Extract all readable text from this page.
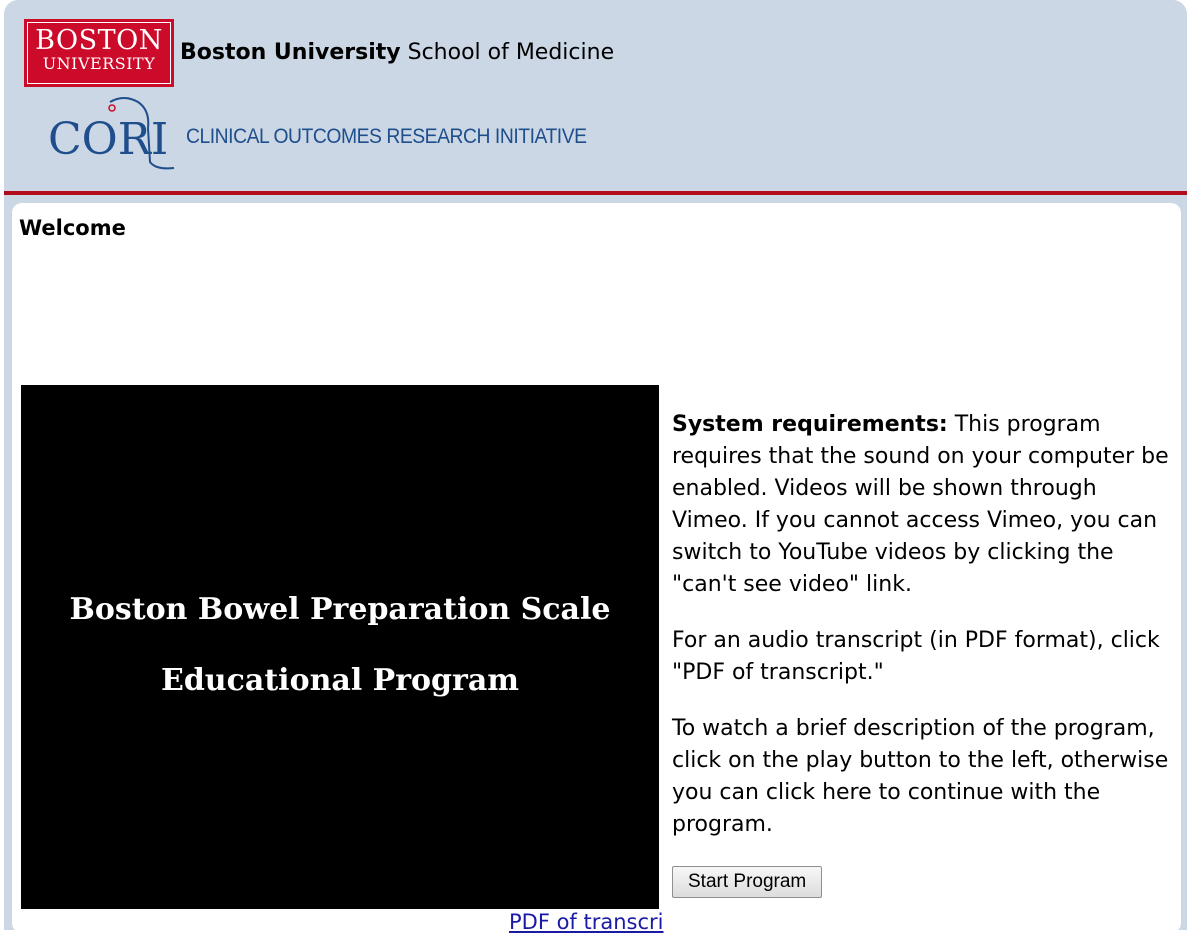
BOSTON
UNIVERSITY	Boston University School of Medicine
CORI CLINICAL OUTCOMES RESEARCH INITIATIVE
Welcome
Boston Bowel Preparation Scale
Educational Program
PDF of transcri

System requirements: This program requires that the sound on your computer be enabled. Videos will be shown through Vimeo. If you cannot access Vimeo, you can switch to YouTube videos by clicking the "can't see video" link.

For an audio transcript (in PDF format), click "PDF of transcript."

To watch a brief description of the program, click on the play button to the left, otherwise you can click here to continue with the program.

Start Program
